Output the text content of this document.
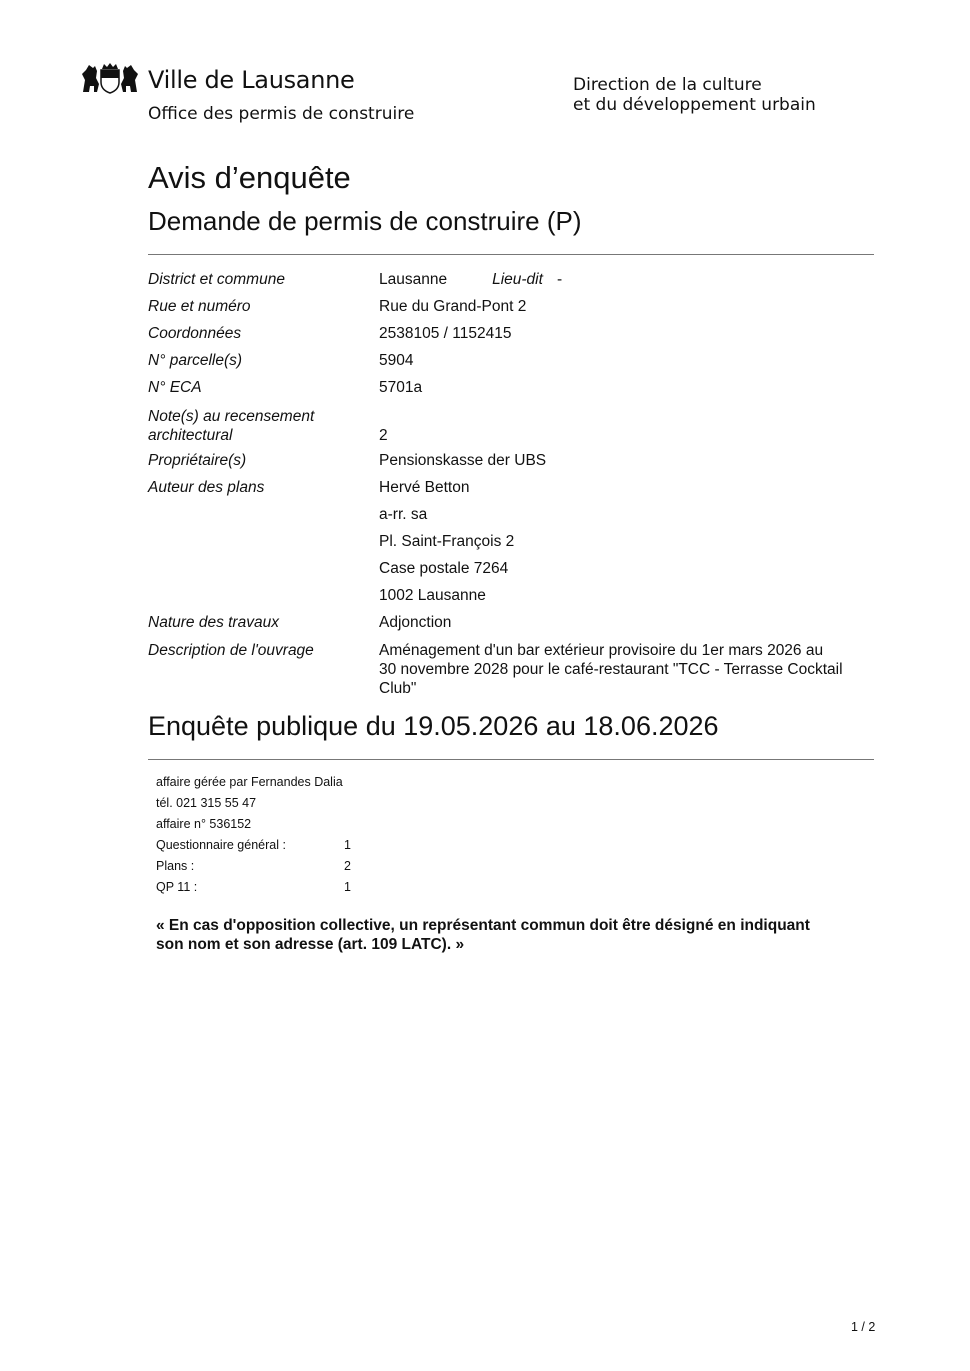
Ville de Lausanne
Office des permis de construire
Direction de la culture
et du développement urbain
Avis d’enquête
Demande de permis de construire (P)
District et commune	Lausanne	Lieu-dit -
Rue et numéro	Rue du Grand-Pont 2
Coordonnées	2538105 / 1152415
N° parcelle(s)	5904
N° ECA	5701a
Note(s) au recensement
architectural	2
Propriétaire(s)	Pensionskasse der UBS
Auteur des plans	Hervé Betton
a-rr. sa
Pl. Saint-François 2
Case postale 7264
1002 Lausanne
Nature des travaux	Adjonction
Description de l'ouvrage	Aménagement d'un bar extérieur provisoire du 1er mars 2026 au
30 novembre 2028 pour le café-restaurant "TCC - Terrasse Cocktail
Club"
Enquête publique du 19.05.2026 au 18.06.2026
affaire gérée par Fernandes Dalia
tél. 021 315 55 47
affaire n° 536152
Questionnaire général :	1
Plans :	2
QP 11 :	1
« En cas d'opposition collective, un représentant commun doit être désigné en indiquant
son nom et son adresse (art. 109 LATC). »
1 / 2
